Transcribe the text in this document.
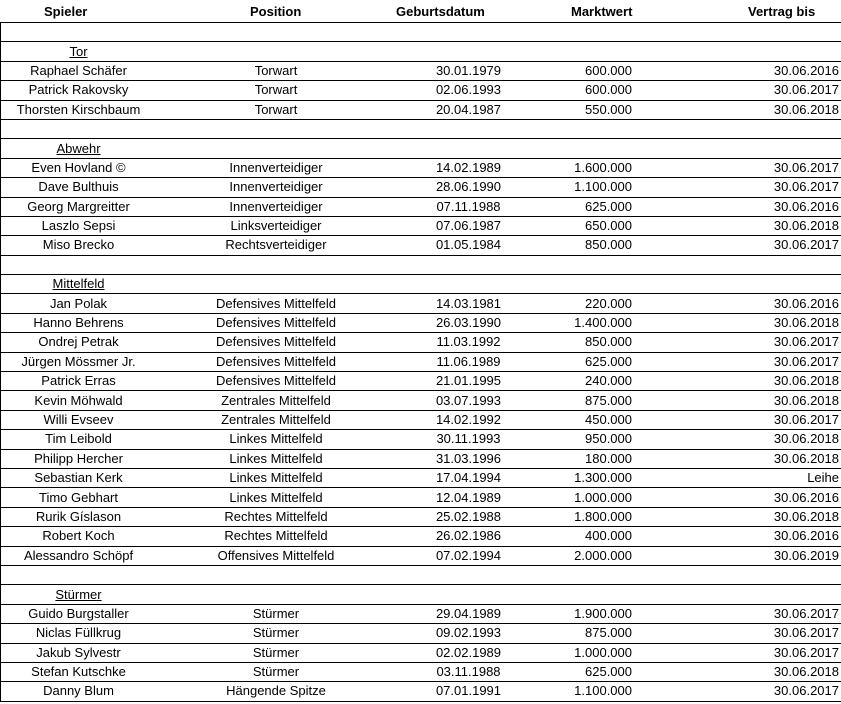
Spieler	Position	Geburtsdatum	Marktwert	Vertrag bis

Tor				
Raphael Schäfer	Torwart	30.01.1979	600.000	30.06.2016
Patrick Rakovsky	Torwart	02.06.1993	600.000	30.06.2017
Thorsten Kirschbaum	Torwart	20.04.1987	550.000	30.06.2018

Abwehr				
Even Hovland ©	Innenverteidiger	14.02.1989	1.600.000	30.06.2017
Dave Bulthuis	Innenverteidiger	28.06.1990	1.100.000	30.06.2017
Georg Margreitter	Innenverteidiger	07.11.1988	625.000	30.06.2016
Laszlo Sepsi	Linksverteidiger	07.06.1987	650.000	30.06.2018
Miso Brecko	Rechtsverteidiger	01.05.1984	850.000	30.06.2017

Mittelfeld				
Jan Polak	Defensives Mittelfeld	14.03.1981	220.000	30.06.2016
Hanno Behrens	Defensives Mittelfeld	26.03.1990	1.400.000	30.06.2018
Ondrej Petrak	Defensives Mittelfeld	11.03.1992	850.000	30.06.2017
Jürgen Mössmer Jr.	Defensives Mittelfeld	11.06.1989	625.000	30.06.2017
Patrick Erras	Defensives Mittelfeld	21.01.1995	240.000	30.06.2018
Kevin Möhwald	Zentrales Mittelfeld	03.07.1993	875.000	30.06.2018
Willi Evseev	Zentrales Mittelfeld	14.02.1992	450.000	30.06.2017
Tim Leibold	Linkes Mittelfeld	30.11.1993	950.000	30.06.2018
Philipp Hercher	Linkes Mittelfeld	31.03.1996	180.000	30.06.2018
Sebastian Kerk	Linkes Mittelfeld	17.04.1994	1.300.000	Leihe
Timo Gebhart	Linkes Mittelfeld	12.04.1989	1.000.000	30.06.2016
Rurik Gíslason	Rechtes Mittelfeld	25.02.1988	1.800.000	30.06.2018
Robert Koch	Rechtes Mittelfeld	26.02.1986	400.000	30.06.2016
Alessandro Schöpf	Offensives Mittelfeld	07.02.1994	2.000.000	30.06.2019

Stürmer				
Guido Burgstaller	Stürmer	29.04.1989	1.900.000	30.06.2017
Niclas Füllkrug	Stürmer	09.02.1993	875.000	30.06.2017
Jakub Sylvestr	Stürmer	02.02.1989	1.000.000	30.06.2017
Stefan Kutschke	Stürmer	03.11.1988	625.000	30.06.2018
Danny Blum	Hängende Spitze	07.01.1991	1.100.000	30.06.2017
